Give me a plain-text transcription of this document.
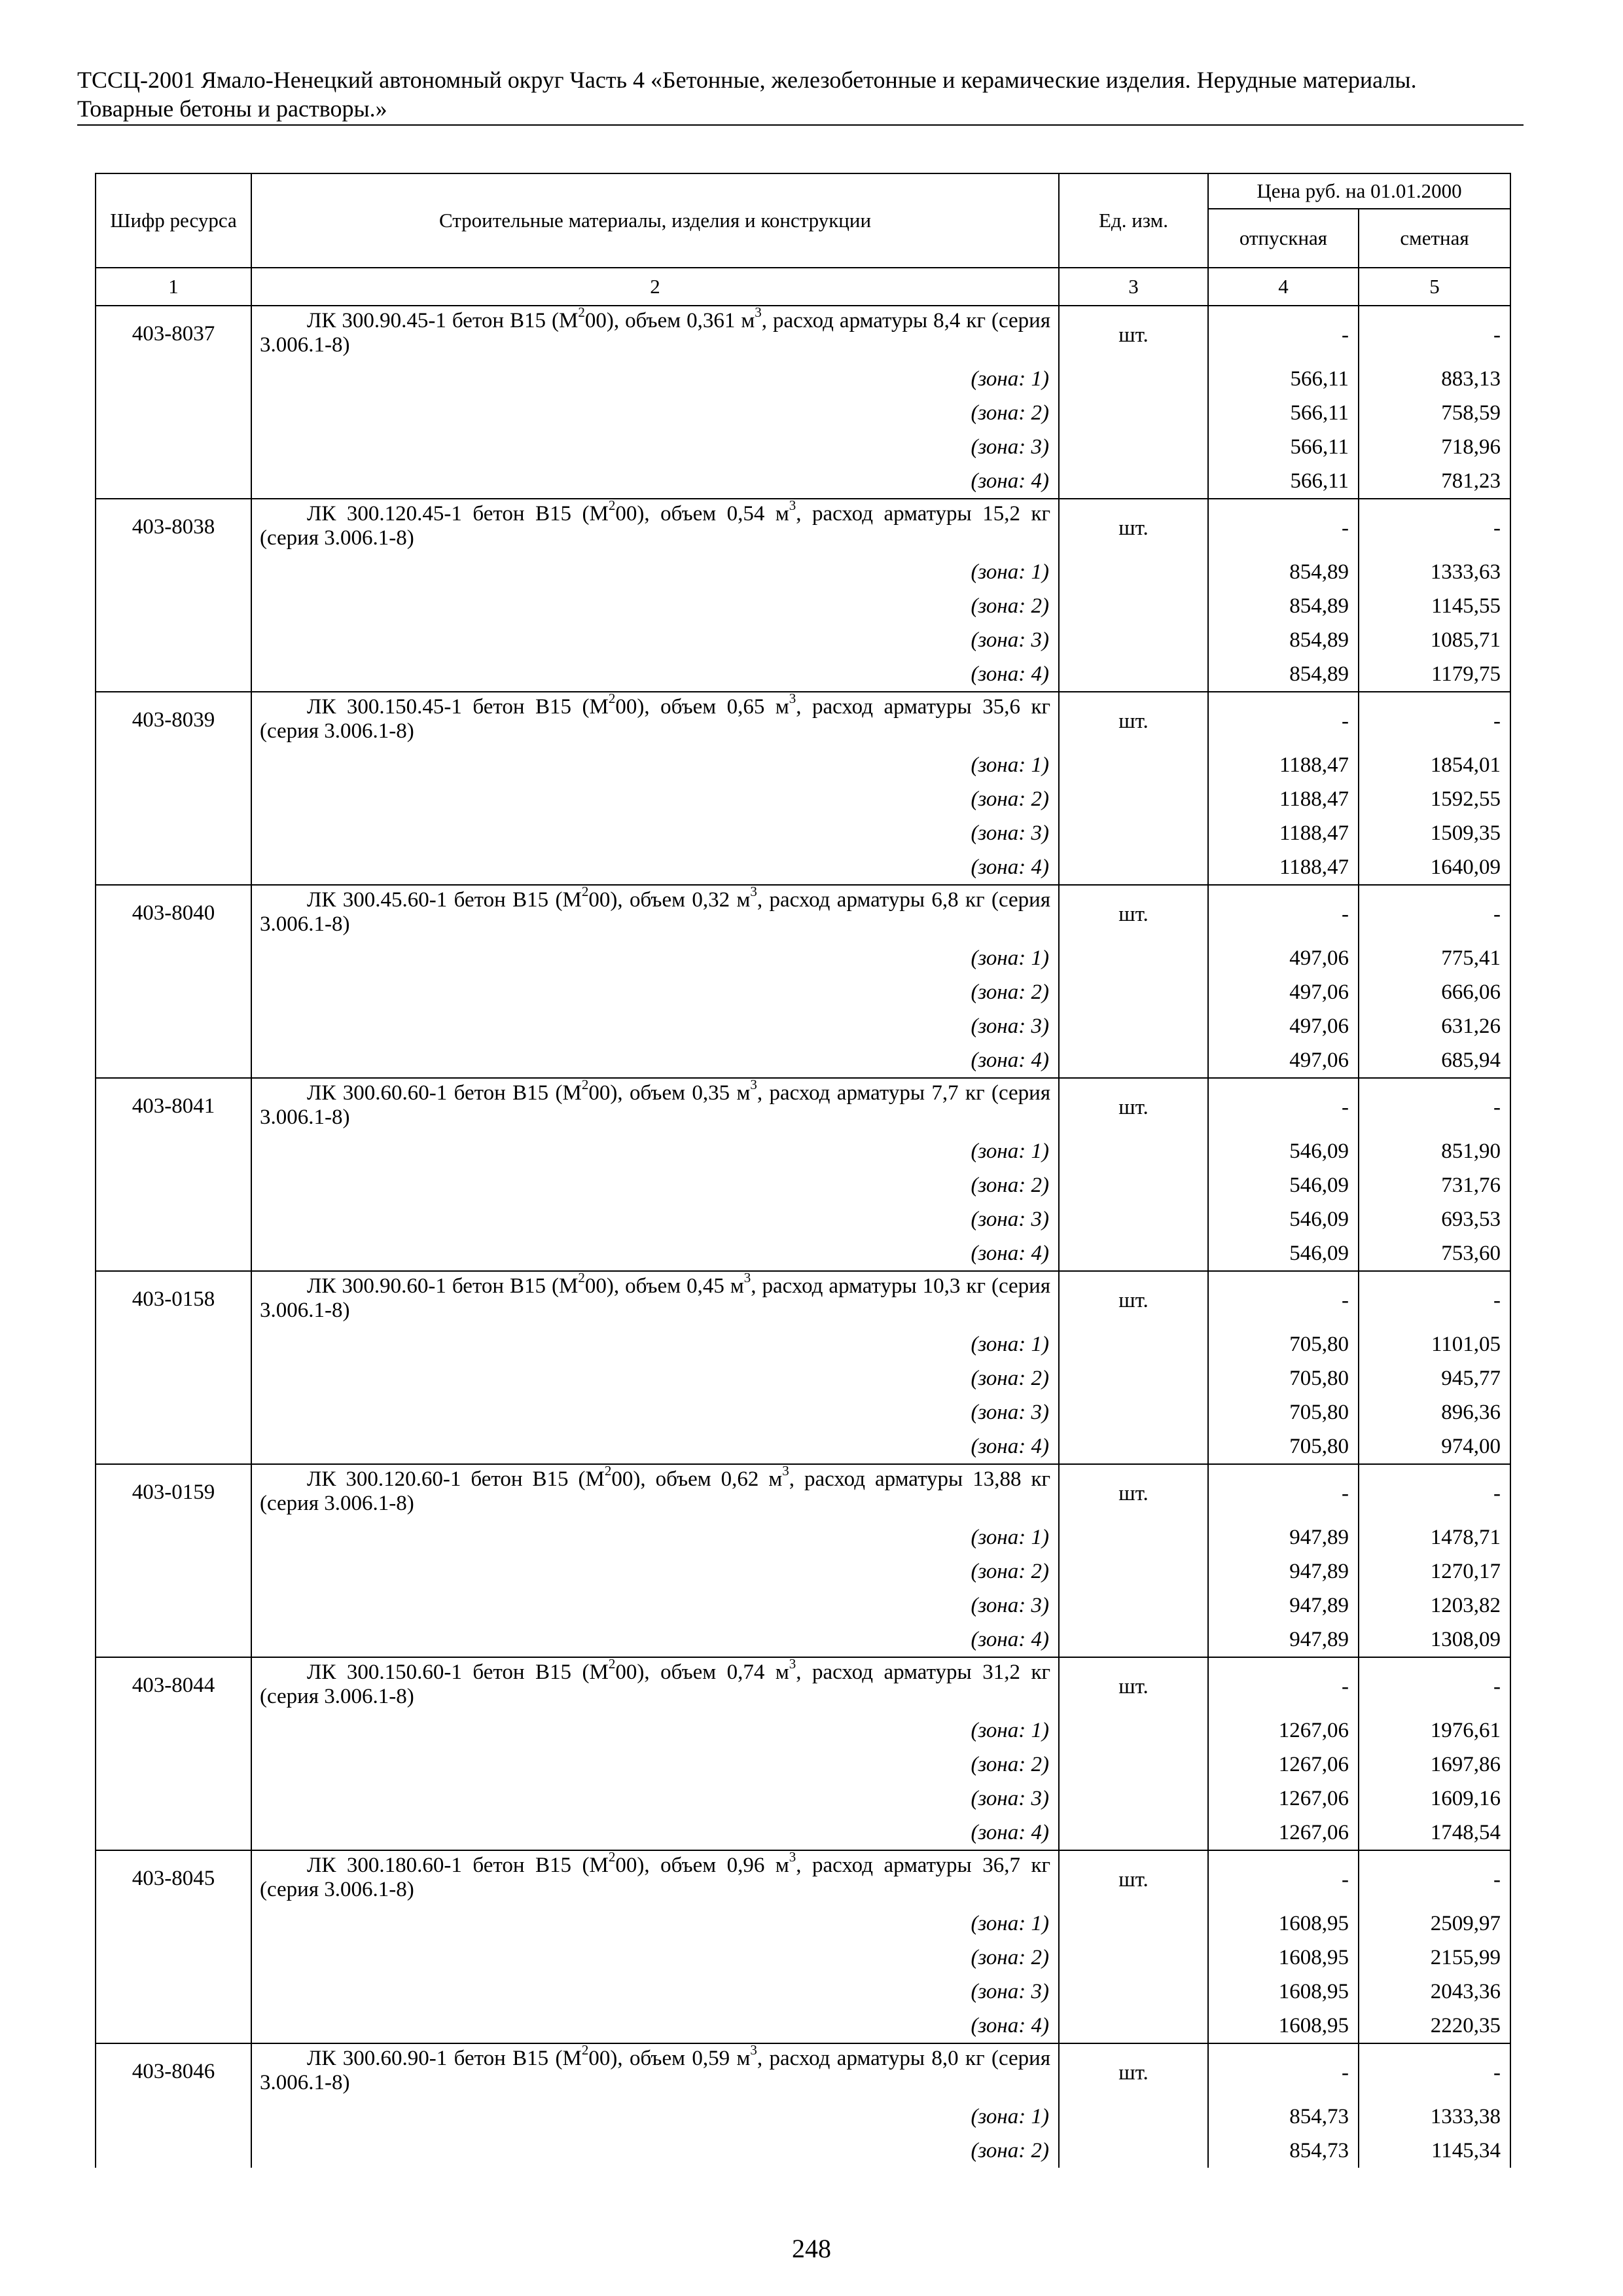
ТССЦ-2001 Ямало-Ненецкий автономный округ Часть 4 «Бетонные, железобетонные и керамические изделия. Нерудные материалы.
Товарные бетоны и растворы.»
Шифр ресурса	Строительные материалы, изделия и конструкции	Ед. изм.	Цена руб. на 01.01.2000	
			отпускная	сметная
1	2	3	4	5
403-8037	ЛК 300.90.45-1 бетон B15 $(M^200)$, объем 0,361 $м^3$, расход арматуры 8,4 кг (серия 3.006.1-8)	шт.	-	-
	(зона: 1)		566,11	883,13
	(зона: 2)		566,11	758,59
	(зона: 3)		566,11	718,96
	(зона: 4)		566,11	781,23
403-8038	ЛК 300.120.45-1 бетон B15 $(M^200)$, объем 0,54 $м^3$, расход арматуры 15,2 кг (серия 3.006.1-8)	шт.	-	-
	(зона: 1)		854,89	1333,63
	(зона: 2)		854,89	1145,55
	(зона: 3)		854,89	1085,71
	(зона: 4)		854,89	1179,75
403-8039	ЛК 300.150.45-1 бетон B15 $(M^200)$, объем 0,65 $м^3$, расход арматуры 35,6 кг (серия 3.006.1-8)	шт.	-	-
	(зона: 1)		1188,47	1854,01
	(зона: 2)		1188,47	1592,55
	(зона: 3)		1188,47	1509,35
	(зона: 4)		1188,47	1640,09
403-8040	ЛК 300.45.60-1 бетон B15 $(M^200)$, объем 0,32 $м^3$, расход арматуры 6,8 кг (серия 3.006.1-8)	шт.	-	-
	(зона: 1)		497,06	775,41
	(зона: 2)		497,06	666,06
	(зона: 3)		497,06	631,26
	(зона: 4)		497,06	685,94
403-8041	ЛК 300.60.60-1 бетон B15 $(M^200)$, объем 0,35 $м^3$, расход арматуры 7,7 кг (серия 3.006.1-8)	шт.	-	-
	(зона: 1)		546,09	851,90
	(зона: 2)		546,09	731,76
	(зона: 3)		546,09	693,53
	(зона: 4)		546,09	753,60
403-0158	ЛК 300.90.60-1 бетон B15 $(M^200)$, объем 0,45 $м^3$, расход арматуры 10,3 кг (серия 3.006.1-8)	шт.	-	-
	(зона: 1)		705,80	1101,05
	(зона: 2)		705,80	945,77
	(зона: 3)		705,80	896,36
	(зона: 4)		705,80	974,00
403-0159	ЛК 300.120.60-1 бетон B15 $(M^200)$, объем 0,62 $м^3$, расход арматуры 13,88 кг (серия 3.006.1-8)	шт.	-	-
	(зона: 1)		947,89	1478,71
	(зона: 2)		947,89	1270,17
	(зона: 3)		947,89	1203,82
	(зона: 4)		947,89	1308,09
403-8044	ЛК 300.150.60-1 бетон B15 $(M^200)$, объем 0,74 $м^3$, расход арматуры 31,2 кг (серия 3.006.1-8)	шт.	-	-
	(зона: 1)		1267,06	1976,61
	(зона: 2)		1267,06	1697,86
	(зона: 3)		1267,06	1609,16
	(зона: 4)		1267,06	1748,54
403-8045	ЛК 300.180.60-1 бетон B15 $(M^200)$, объем 0,96 $м^3$, расход арматуры 36,7 кг (серия 3.006.1-8)	шт.	-	-
	(зона: 1)		1608,95	2509,97
	(зона: 2)		1608,95	2155,99
	(зона: 3)		1608,95	2043,36
	(зона: 4)		1608,95	2220,35
403-8046	ЛК 300.60.90-1 бетон B15 $(M^200)$, объем 0,59 $м^3$, расход арматуры 8,0 кг (серия 3.006.1-8)	шт.	-	-
	(зона: 1)		854,73	1333,38
	(зона: 2)		854,73	1145,34
248
